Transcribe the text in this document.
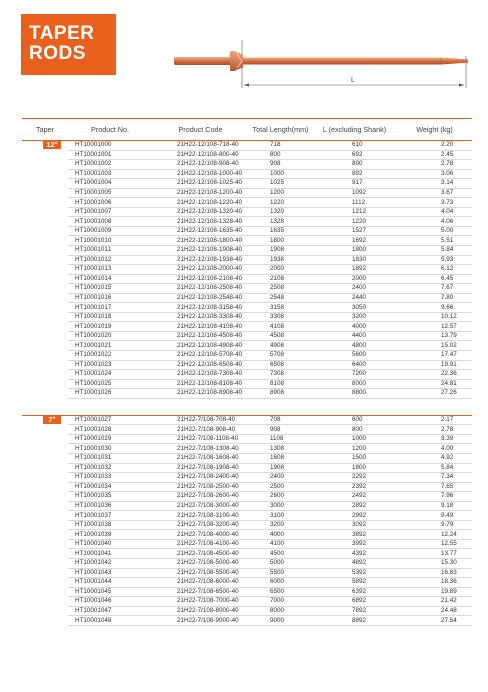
TAPER
RODS
L
Taper	Product No.	Product Code	Total Length(mm)	L (excluding Shank)	Weight (kg)
12°	HT10001000	21H22-12/108-718-40	718	610	2.20
	HT10001001	21H22-12/108-800-40	800	692	2.45
	HT10001002	21H22-12/108-908-40	908	800	2.78
	HT10001003	21H22-12/108-1000-40	1000	892	3.06
	HT10001004	21H22-12/108-1025-40	1025	917	3.14
	HT10001005	21H22-12/108-1200-40	1200	1092	3.67
	HT10001006	21H22-12/108-1220-40	1220	1112	3.73
	HT10001007	21H22-12/108-1320-40	1320	1212	4.04
	HT10001008	21H22-12/108-1328-40	1328	1220	4.06
	HT10001009	21H22-12/108-1635-40	1635	1527	5.00
	HT10001010	21H22-12/108-1800-40	1800	1692	5.51
	HT10001011	21H22-12/108-1908-40	1908	1800	5.84
	HT10001012	21H22-12/108-1938-40	1938	1830	5.93
	HT10001013	21H22-12/108-2000-40	2000	1892	6.12
	HT10001014	21H22-12/108-2108-40	2108	2000	6.45
	HT10001015	21H22-12/108-2508-40	2508	2400	7.67
	HT10001016	21H22-12/108-2548-40	2548	2440	7.80
	HT10001017	21H22-12/108-3158-40	3158	3050	9.66
	HT10001018	21H22-12/108-3308-40	3308	3200	10.12
	HT10001019	21H22-12/108-4108-40	4108	4000	12.57
	HT10001020	21H22-12/108-4508-40	4508	4400	13.79
	HT10001021	21H22-12/108-4908-40	4908	4800	15.02
	HT10001022	21H22-12/108-5708-40	5708	5600	17.47
	HT10001023	21H22-12/108-6508-40	6508	6400	19.91
	HT10001024	21H22-12/108-7308-40	7308	7200	22.36
	HT10001025	21H22-12/108-8108-40	8108	8000	24.81
	HT10001026	21H22-12/108-8908-40	8908	8800	27.26

7°	HT10001027	21H22-7/108-708-40	708	600	2.17
	HT10001028	21H22-7/108-908-40	908	800	2.78
	HT10001029	21H22-7/108-1108-40	1108	1000	3.39
	HT10001030	21H22-7/108-1308-40	1308	1200	4.00
	HT10001031	21H22-7/108-1608-40	1608	1500	4.92
	HT10001032	21H22-7/108-1908-40	1908	1800	5.84
	HT10001033	21H22-7/108-2400-40	2400	2292	7.34
	HT10001034	21H22-7/108-2500-40	2500	2392	7.65
	HT10001035	21H22-7/108-2600-40	2600	2492	7.96
	HT10001036	21H22-7/108-3000-40	3000	2892	9.18
	HT10001037	21H22-7/108-3100-40	3100	2992	9.49
	HT10001038	21H22-7/108-3200-40	3200	3092	9.79
	HT10001039	21H22-7/108-4000-40	4000	3892	12.24
	HT10001040	21H22-7/108-4100-40	4100	3992	12.55
	HT10001041	21H22-7/108-4500-40	4500	4392	13.77
	HT10001042	21H22-7/108-5000-40	5000	4892	15.30
	HT10001043	21H22-7/108-5500-40	5500	5392	16.83
	HT10001044	21H22-7/108-6000-40	6000	5892	18.36
	HT10001045	21H22-7/108-6500-40	6500	6392	19.89
	HT10001046	21H22-7/108-7000-40	7000	6892	21.42
	HT10001047	21H22-7/108-8000-40	8000	7892	24.48
	HT10001048	21H22-7/108-9000-40	9000	8892	27.54
